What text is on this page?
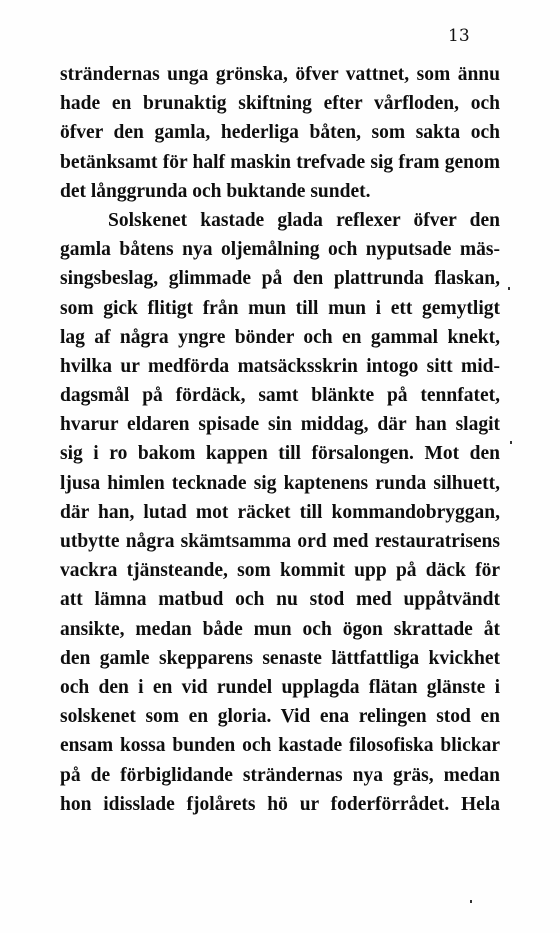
13
strändernas unga grönska, öfver vattnet, som ännu
hade en brunaktig skiftning efter vårfloden, och
öfver den gamla, hederliga båten, som sakta och
betänksamt för half maskin trefvade sig fram genom
det långgrunda och buktande sundet.
Solskenet kastade glada reflexer öfver den
gamla båtens nya oljemålning och nyputsade mäs-
singsbeslag, glimmade på den plattrunda flaskan,
som gick flitigt från mun till mun i ett gemytligt
lag af några yngre bönder och en gammal knekt,
hvilka ur medförda matsäcksskrin intogo sitt mid-
dagsmål på fördäck, samt blänkte på tennfatet,
hvarur eldaren spisade sin middag, där han slagit
sig i ro bakom kappen till försalongen. Mot den
ljusa himlen tecknade sig kaptenens runda silhuett,
där han, lutad mot räcket till kommandobryggan,
utbytte några skämtsamma ord med restauratrisens
vackra tjänsteande, som kommit upp på däck för
att lämna matbud och nu stod med uppåtvändt
ansikte, medan både mun och ögon skrattade åt
den gamle skepparens senaste lättfattliga kvickhet
och den i en vid rundel upplagda flätan glänste i
solskenet som en gloria. Vid ena relingen stod en
ensam kossa bunden och kastade filosofiska blickar
på de förbiglidande strändernas nya gräs, medan
hon idisslade fjolårets hö ur foderförrådet. Hela
